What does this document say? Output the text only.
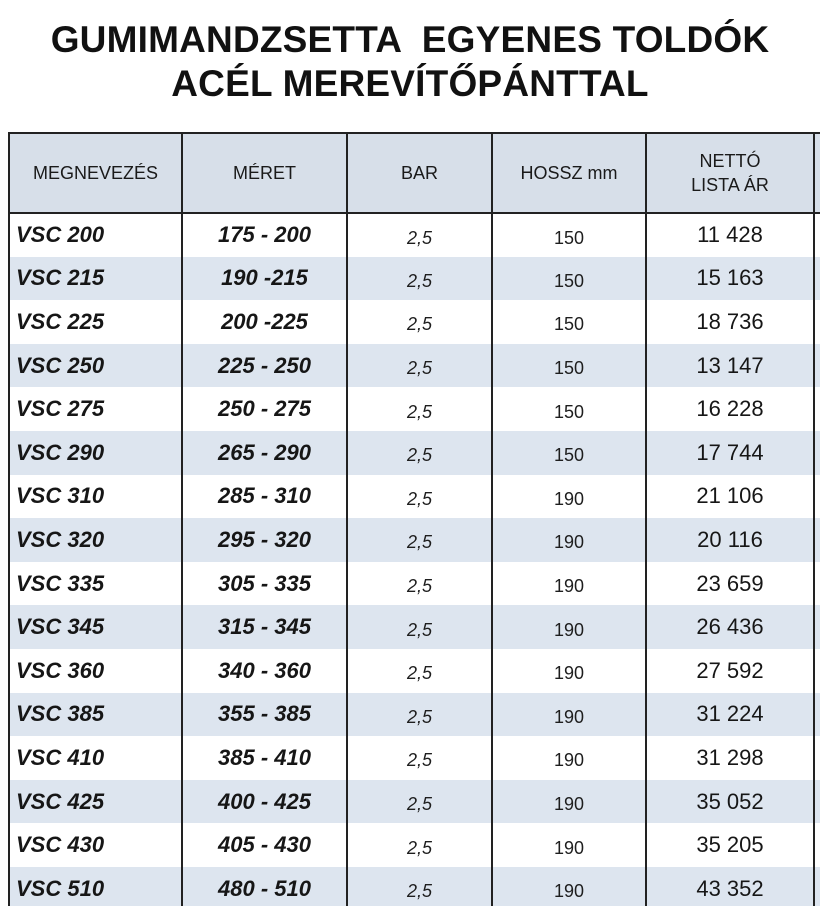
GUMIMANDZSETTA  EGYENES TOLDÓK
ACÉL MEREVÍTŐPÁNTTAL
MEGNEVEZÉS	MÉRET	BAR	HOSSZ mm	NETTÓ
LISTA ÁR	

VSC 200	175 - 200	2,5	150	11 428	
VSC 215	190 -215	2,5	150	15 163	
VSC 225	200 -225	2,5	150	18 736	
VSC 250	225 - 250	2,5	150	13 147	
VSC 275	250 - 275	2,5	150	16 228	
VSC 290	265 - 290	2,5	150	17 744	
VSC 310	285 - 310	2,5	190	21 106	
VSC 320	295 - 320	2,5	190	20 116	
VSC 335	305 - 335	2,5	190	23 659	
VSC 345	315 - 345	2,5	190	26 436	
VSC 360	340 - 360	2,5	190	27 592	
VSC 385	355 - 385	2,5	190	31 224	
VSC 410	385 - 410	2,5	190	31 298	
VSC 425	400 - 425	2,5	190	35 052	
VSC 430	405 - 430	2,5	190	35 205	
VSC 510	480 - 510	2,5	190	43 352	
